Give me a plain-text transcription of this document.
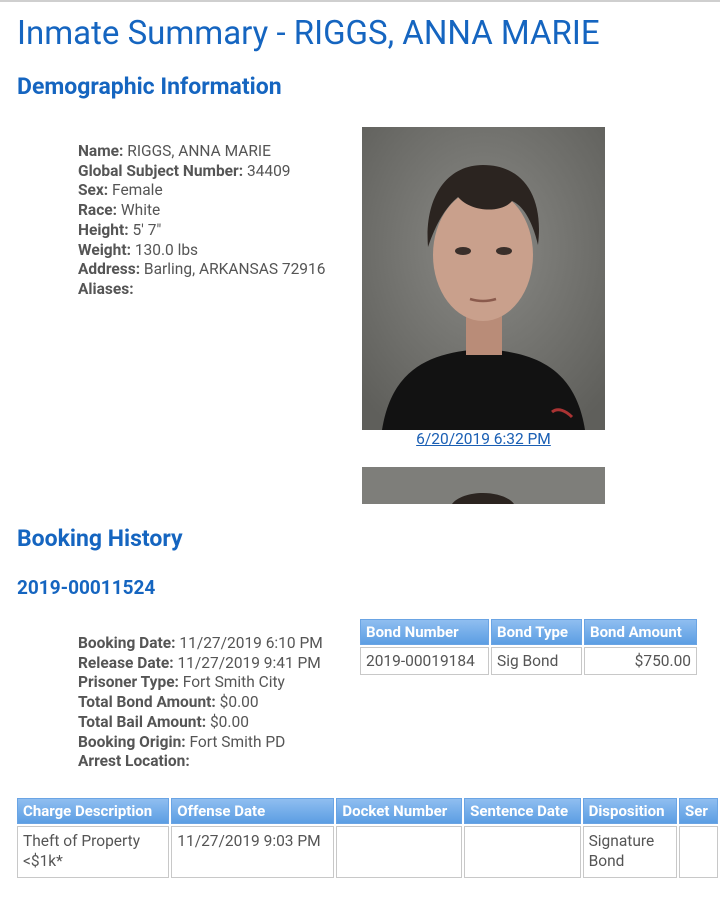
Inmate Summary - RIGGS, ANNA MARIE
Demographic Information
Name: RIGGS, ANNA MARIE
Global Subject Number: 34409
Sex: Female
Race: White
Height: 5' 7"
Weight: 130.0 lbs
Address: Barling, ARKANSAS 72916
Aliases:
6/20/2019 6:32 PM
Booking History
2019-00011524
Booking Date: 11/27/2019 6:10 PM
Release Date: 11/27/2019 9:41 PM
Prisoner Type: Fort Smith City
Total Bond Amount: $0.00
Total Bail Amount: $0.00
Booking Origin: Fort Smith PD
Arrest Location:
Bond Number	Bond Type	Bond Amount
2019-00019184	Sig Bond	$750.00
Charge Description	Offense Date	Docket Number	Sentence Date	Disposition	Ser
Theft of Property
<$1k*	11/27/2019 9:03 PM			Signature
Bond	
